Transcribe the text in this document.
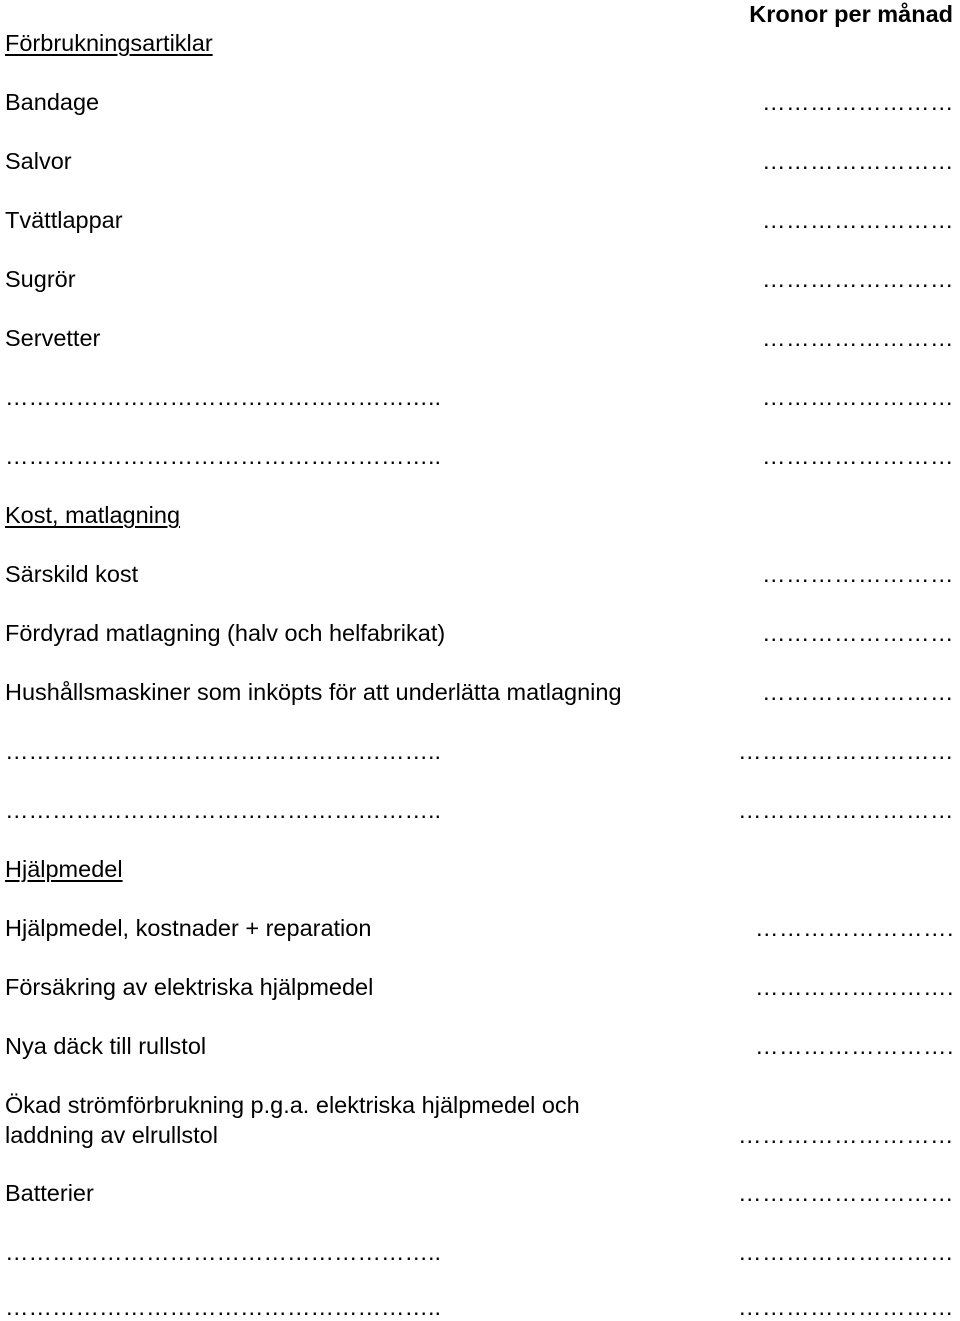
Kronor per månad
Förbrukningsartiklar
Bandage	……………………
Salvor	……………………
Tvättlappar	……………………
Sugrör	……………………
Servetter	……………………
………………………………………………..	……………………
………………………………………………..	……………………
Kost, matlagning
Särskild kost	……………………
Fördyrad matlagning (halv och helfabrikat)	……………………
Hushållsmaskiner som inköpts för att underlätta matlagning	……………………
………………………………………………..	………………………
………………………………………………..	………………………
Hjälpmedel
Hjälpmedel, kostnader + reparation	…………………….
Försäkring av elektriska hjälpmedel	…………………….
Nya däck till rullstol	…………………….
Ökad strömförbrukning p.g.a. elektriska hjälpmedel och laddning av elrullstol	………………………
Batterier	………………………
………………………………………………..	………………………
………………………………………………..	………………………
